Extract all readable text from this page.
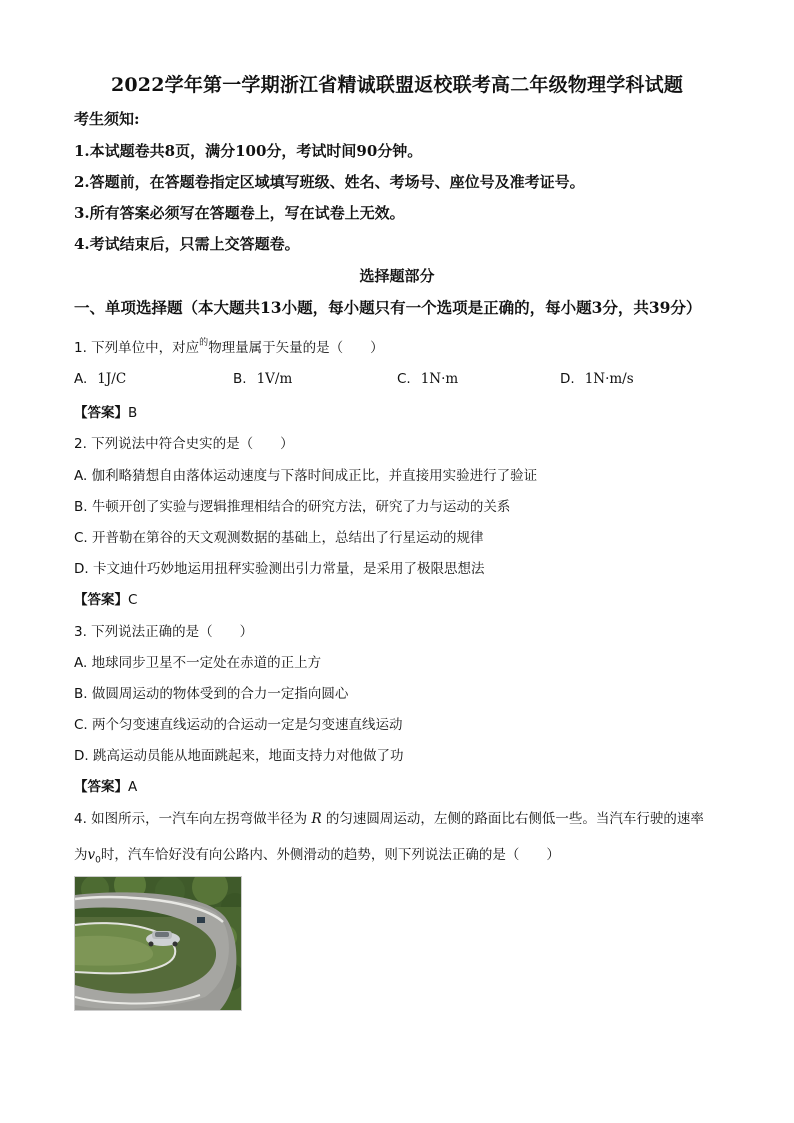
2022学年第一学期浙江省精诚联盟返校联考高二年级物理学科试题
考生须知:
1.本试题卷共8页，满分100分，考试时间90分钟。
2.答题前，在答题卷指定区域填写班级、姓名、考场号、座位号及准考证号。
3.所有答案必须写在答题卷上，写在试卷上无效。
4.考试结束后，只需上交答题卷。
选择题部分
一、单项选择题（本大题共13小题，每小题只有一个选项是正确的，每小题3分，共39分）
1. 下列单位中，对应$^的$物理量属于矢量的是（　　）
A. 1J/C	B. 1V/m	C. 1N·m	D. 1N·m/s
【答案】B
2. 下列说法中符合史实的是（　　）
A. 伽利略猜想自由落体运动速度与下落时间成正比，并直接用实验进行了验证
B. 牛顿开创了实验与逻辑推理相结合的研究方法，研究了力与运动的关系
C. 开普勒在第谷的天文观测数据的基础上，总结出了行星运动的规律
D. 卡文迪什巧妙地运用扭秤实验测出引力常量，是采用了极限思想法
【答案】C
3. 下列说法正确的是（　　）
A. 地球同步卫星不一定处在赤道的正上方
B. 做圆周运动的物体受到的合力一定指向圆心
C. 两个匀变速直线运动的合运动一定是匀变速直线运动
D. 跳高运动员能从地面跳起来，地面支持力对他做了功
【答案】A
4. 如图所示，一汽车向左拐弯做半径为 R 的匀速圆周运动，左侧的路面比右侧低一些。当汽车行驶的速率
为$v_0$时，汽车恰好没有向公路内、外侧滑动的趋势，则下列说法正确的是（　　）
